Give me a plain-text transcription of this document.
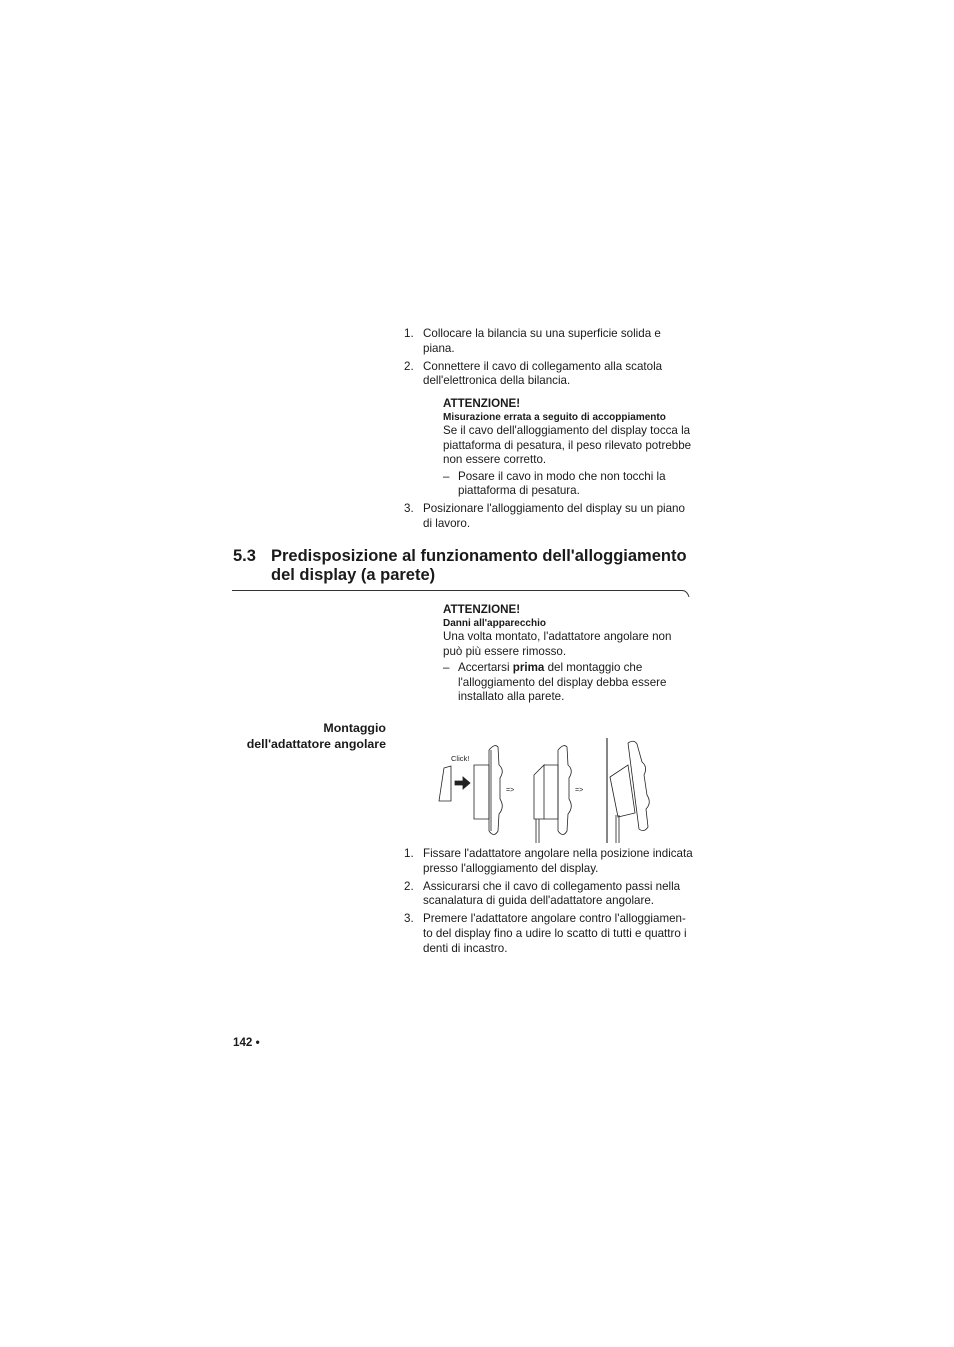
1. Collocare la bilancia su una superficie solida e piana.
2. Connettere il cavo di collegamento alla scatola dell'elettronica della bilancia.
ATTENZIONE!
Misurazione errata a seguito di accoppiamento
Se il cavo dell'alloggiamento del display tocca la piattaforma di pesatura, il peso rilevato potrebbe non essere corretto.
– Posare il cavo in modo che non tocchi la piattaforma di pesatura.
3. Posizionare l'alloggiamento del display su un piano di lavoro.
5.3 Predisposizione al funzionamento dell'alloggiamento del display (a parete)
ATTENZIONE!
Danni all'apparecchio
Una volta montato, l'adattatore angolare non può più essere rimosso.
– Accertarsi prima del montaggio che l'alloggiamento del display debba essere installato alla parete.
Montaggio
dell'adattatore angolare
Click!
=>	=>
1. Fissare l'adattatore angolare nella posizione indicata presso l'alloggiamento del display.
2. Assicurarsi che il cavo di collegamento passi nella scanalatura di guida dell'adattatore angolare.
3. Premere l'adattatore angolare contro l'alloggiamen-to del display fino a udire lo scatto di tutti e quattro i denti di incastro.
142 •
